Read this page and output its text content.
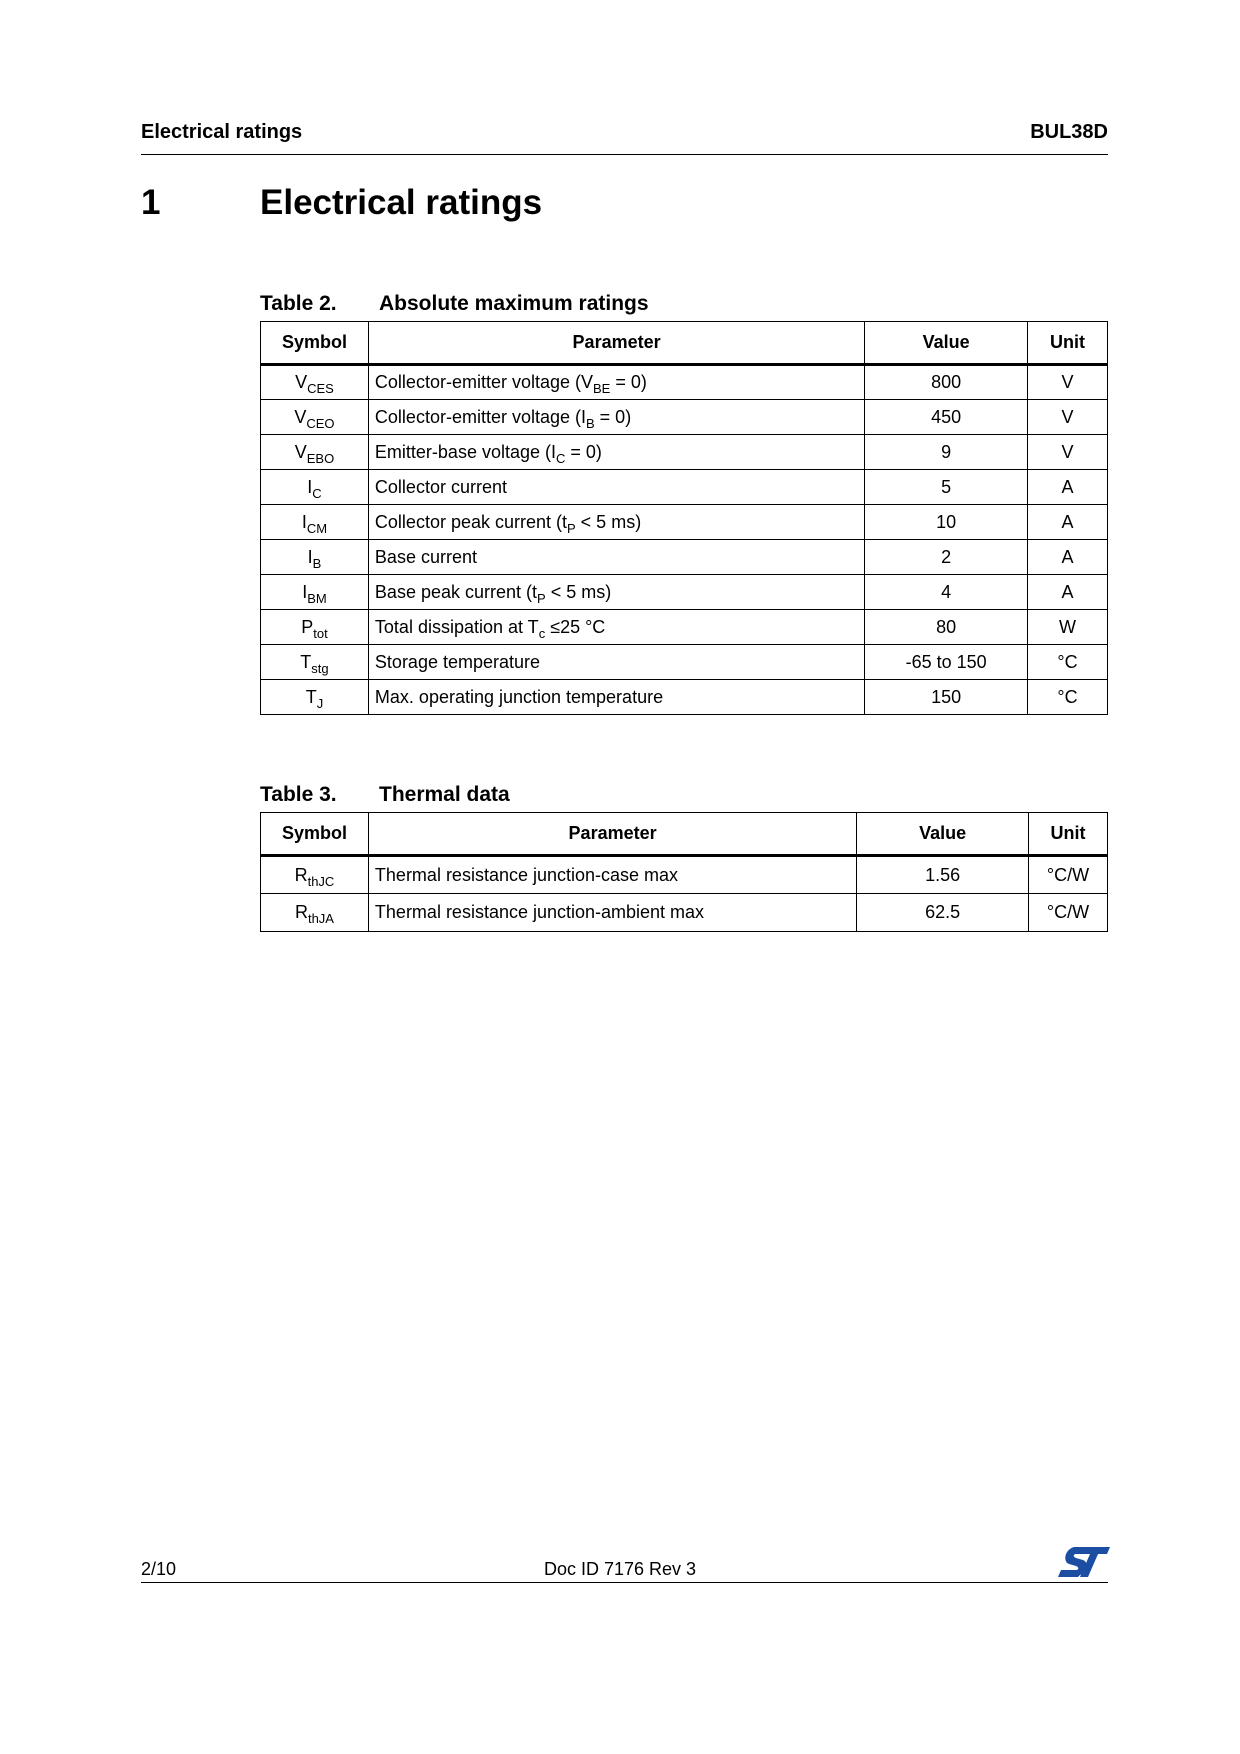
Electrical ratings	BUL38D
1	Electrical ratings
Table 2. Absolute maximum ratings
Symbol	Parameter	Value	Unit
$V_{CES}$	Collector-emitter voltage $(V_{BE} = 0)$	800	V
$V_{CEO}$	Collector-emitter voltage $(I_B = 0)$	450	V
$V_{EBO}$	Emitter-base voltage $(I_C = 0)$	9	V
$I_C$	Collector current	5	A
$I_{CM}$	Collector peak current ($t_P < 5$ ms)	10	A
$I_B$	Base current	2	A
$I_{BM}$	Base peak current ($t_P < 5$ ms)	4	A
$P_{tot}$	Total dissipation at $T_c \le 25$ °C	80	W
$T_{stg}$	Storage temperature	-65 to 150	°C
$T_J$	Max. operating junction temperature	150	°C
Table 3. Thermal data
Symbol	Parameter	Value	Unit
$R_{thJC}$	Thermal resistance junction-case max	1.56	°C/W
$R_{thJA}$	Thermal resistance junction-ambient max	62.5	°C/W
2/10	Doc ID 7176 Rev 3
